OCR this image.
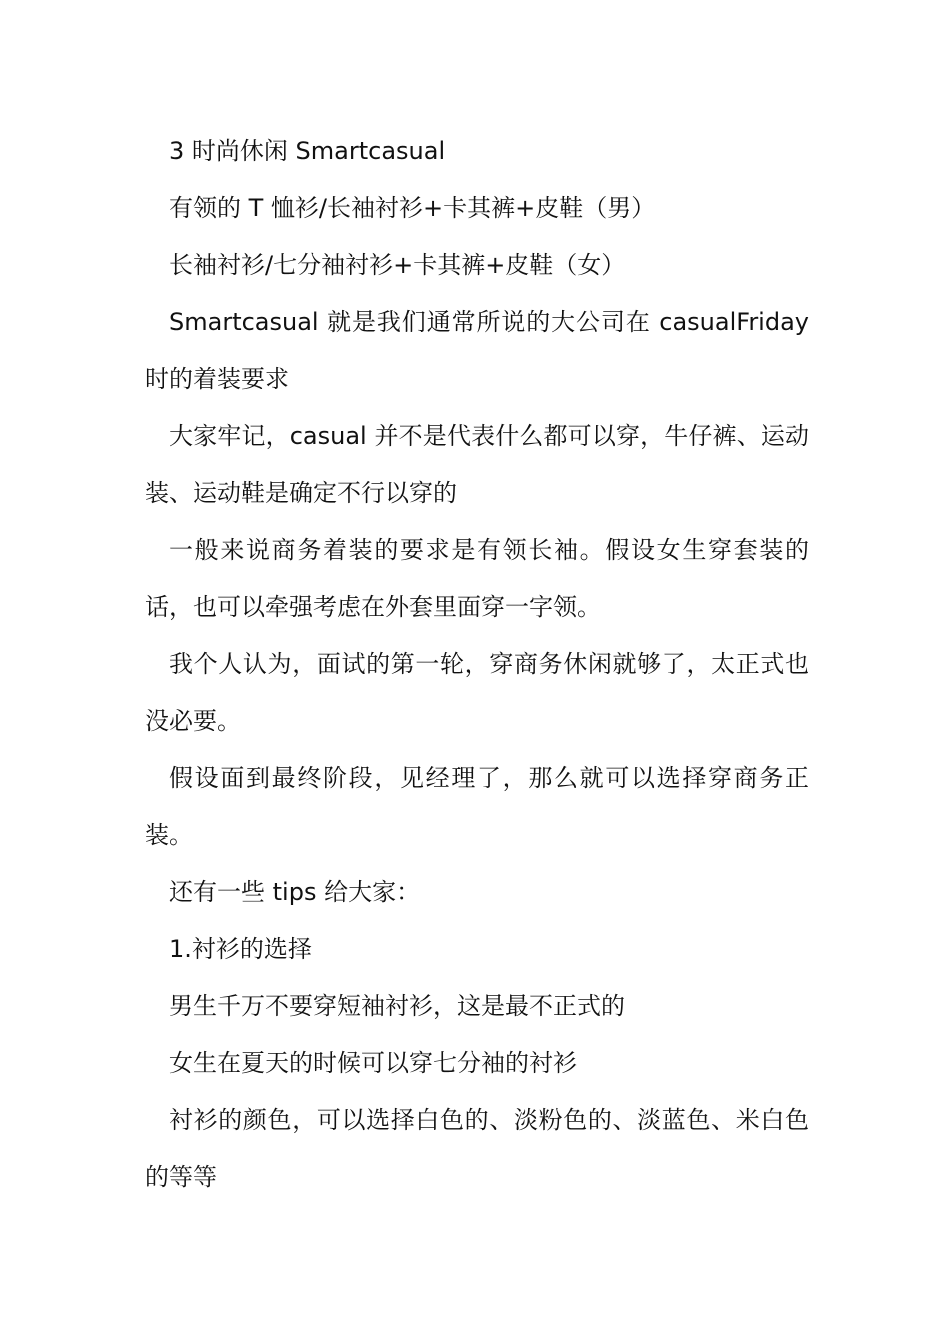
3 时尚休闲 Smartcasual

有领的 T 恤衫/长袖衬衫+卡其裤+皮鞋（男）

长袖衬衫/七分袖衬衫+卡其裤+皮鞋（女）

Smartcasual 就是我们通常所说的大公司在 casualFriday 时的着装要求

大家牢记，casual 并不是代表什么都可以穿，牛仔裤、运动装、运动鞋是确定不行以穿的

一般来说商务着装的要求是有领长袖。假设女生穿套装的话，也可以牵强考虑在外套里面穿一字领。

我个人认为，面试的第一轮，穿商务休闲就够了，太正式也没必要。

假设面到最终阶段，见经理了，那么就可以选择穿商务正装。

还有一些 tips 给大家：

1.衬衫的选择

男生千万不要穿短袖衬衫，这是最不正式的

女生在夏天的时候可以穿七分袖的衬衫

衬衫的颜色，可以选择白色的、淡粉色的、淡蓝色、米白色的等等
